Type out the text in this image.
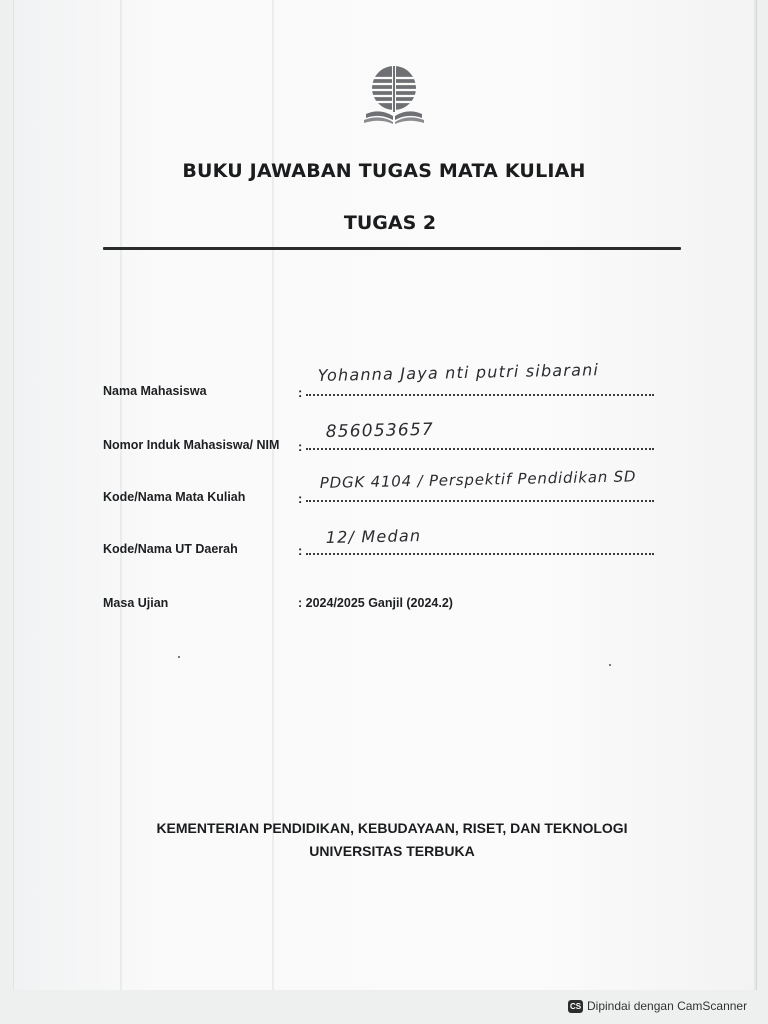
BUKU JAWABAN TUGAS MATA KULIAH
TUGAS 2
Nama Mahasiswa	:
Yohanna Jaya nti putri sibarani
Nomor Induk Mahasiswa/ NIM :
856053657
Kode/Nama Mata Kuliah	:
PDGK 4104 / Perspektif Pendidikan SD
Kode/Nama UT Daerah	:
12/ Medan
Masa Ujian	: 2024/2025 Ganjil (2024.2)
KEMENTERIAN PENDIDIKAN, KEBUDAYAAN, RISET, DAN TEKNOLOGI
UNIVERSITAS TERBUKA
CS Dipindai dengan CamScanner
